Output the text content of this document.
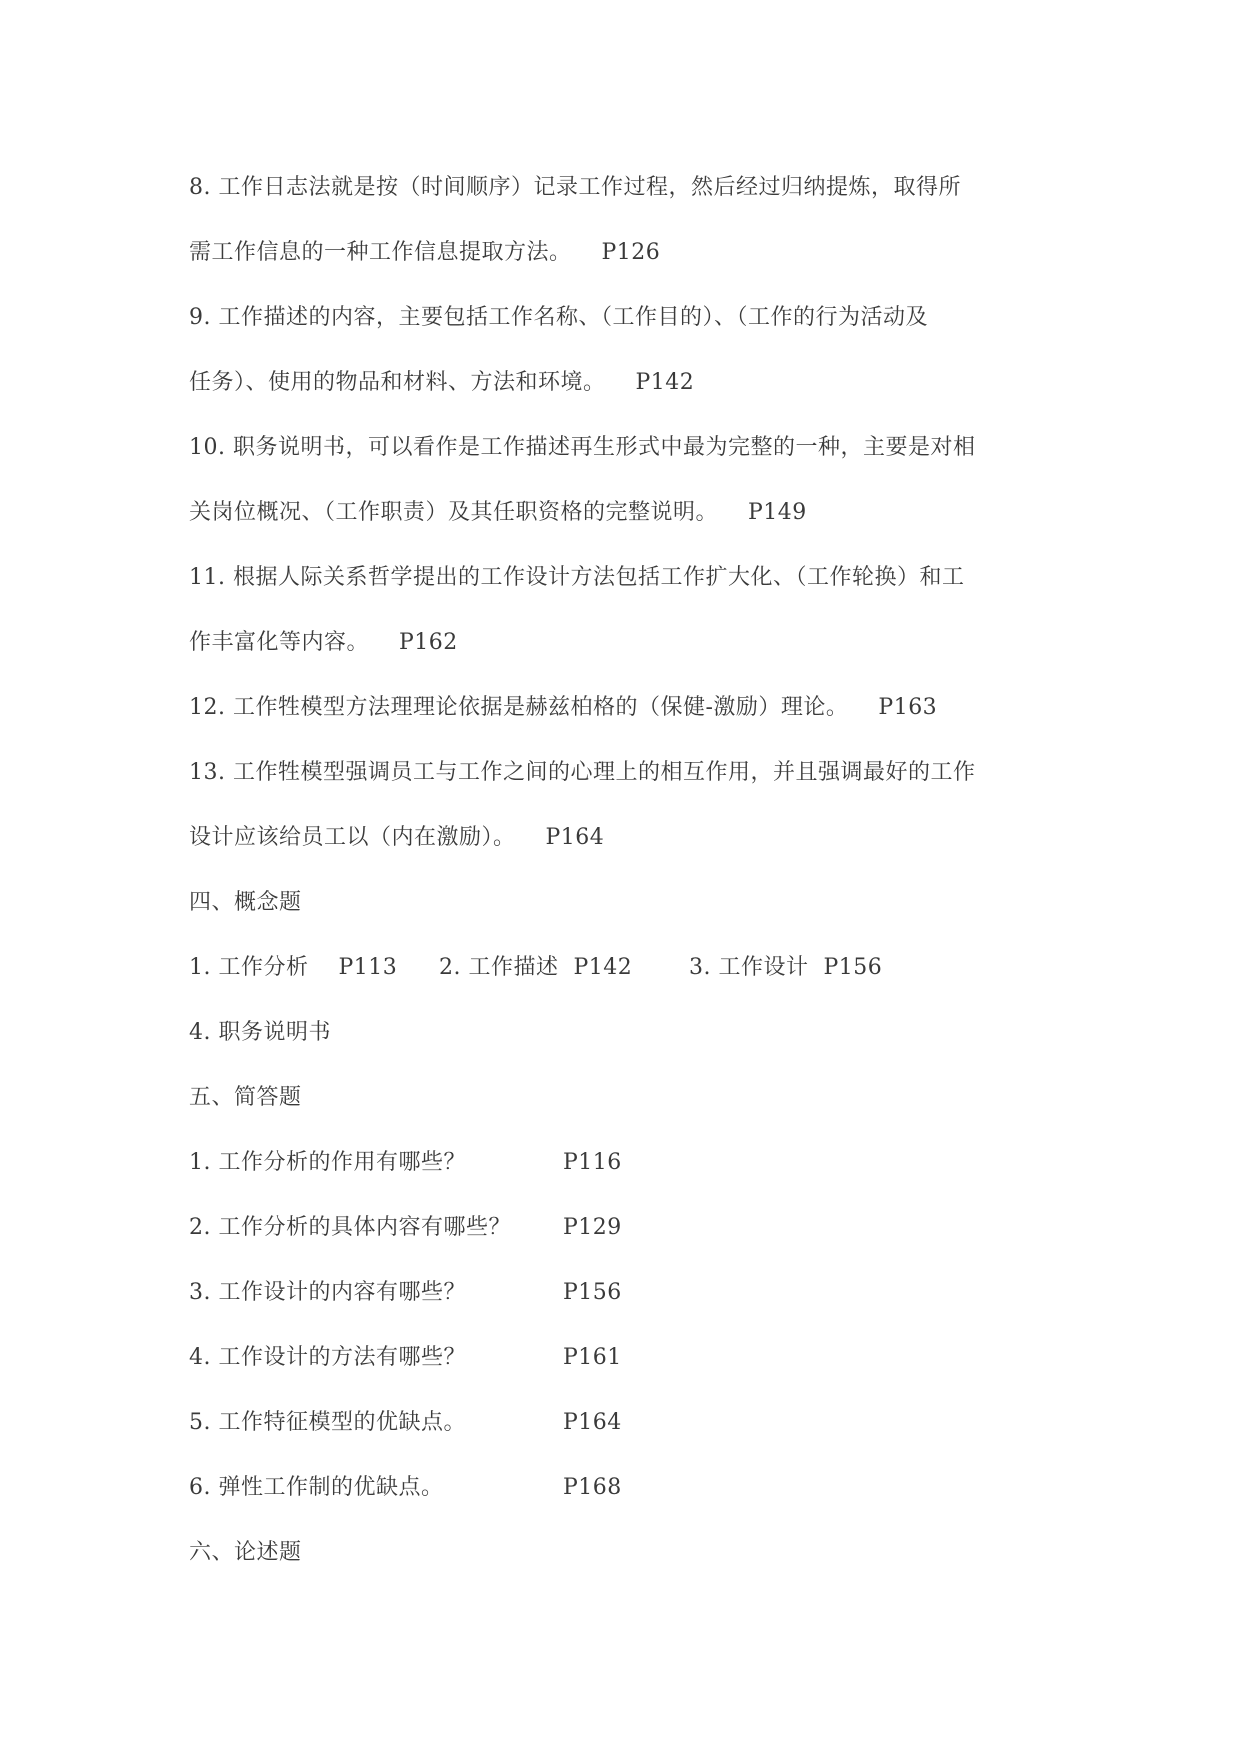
8. 工作日志法就是按（时间顺序）记录工作过程，然后经过归纳提炼，取得所
需工作信息的一种工作信息提取方法。    P126
9. 工作描述的内容，主要包括工作名称、（工作目的）、（工作的行为活动及
任务）、使用的物品和材料、方法和环境。    P142
10. 职务说明书，可以看作是工作描述再生形式中最为完整的一种，主要是对相
关岗位概况、（工作职责）及其任职资格的完整说明。    P149
11. 根据人际关系哲学提出的工作设计方法包括工作扩大化、（工作轮换）和工
作丰富化等内容。    P162
12. 工作牲模型方法理理论依据是赫兹柏格的（保健-激励）理论。    P163
13. 工作牲模型强调员工与工作之间的心理上的相互作用，并且强调最好的工作
设计应该给员工以（内在激励）。    P164
四、概念题
1. 工作分析    P113	2. 工作描述  P142	3. 工作设计  P156
4. 职务说明书
五、简答题
1. 工作分析的作用有哪些？	P116
2. 工作分析的具体内容有哪些？	P129
3. 工作设计的内容有哪些？	P156
4. 工作设计的方法有哪些？	P161
5. 工作特征模型的优缺点。	P164
6. 弹性工作制的优缺点。	P168
六、论述题
